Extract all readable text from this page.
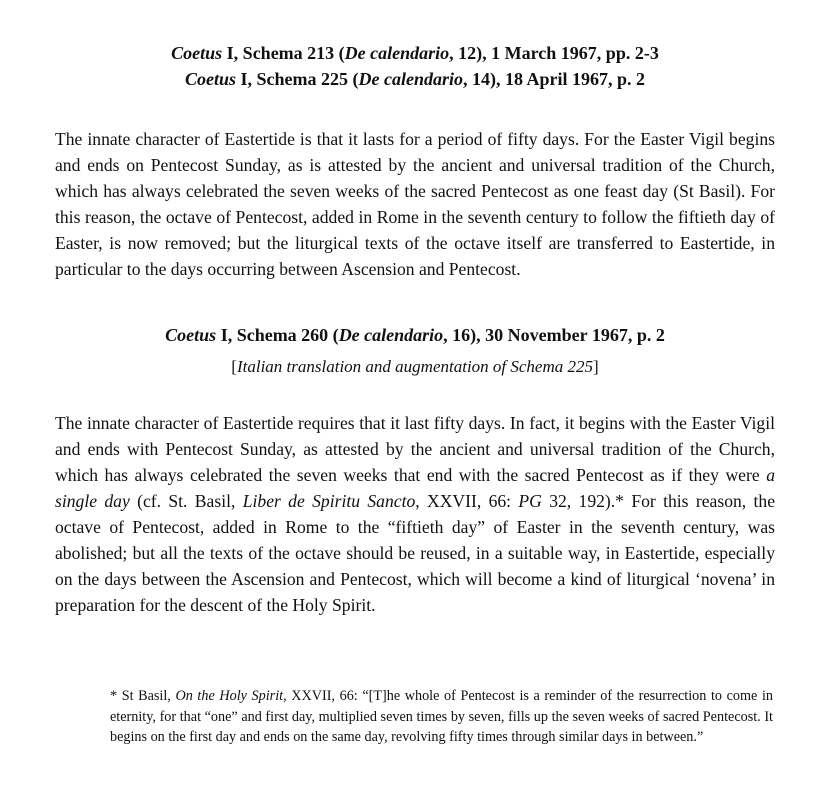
Coetus I, Schema 213 (De calendario, 12), 1 March 1967, pp. 2-3

Coetus I, Schema 225 (De calendario, 14), 18 April 1967, p. 2

The innate character of Eastertide is that it lasts for a period of fifty days. For the Easter Vigil begins and ends on Pentecost Sunday, as is attested by the ancient and universal tradition of the Church, which has always celebrated the seven weeks of the sacred Pentecost as one feast day (St Basil). For this reason, the octave of Pentecost, added in Rome in the seventh century to follow the fiftieth day of Easter, is now removed; but the liturgical texts of the octave itself are transferred to Eastertide, in particular to the days occurring between Ascension and Pentecost.

Coetus I, Schema 260 (De calendario, 16), 30 November 1967, p. 2

[Italian translation and augmentation of Schema 225]

The innate character of Eastertide requires that it last fifty days. In fact, it begins with the Easter Vigil and ends with Pentecost Sunday, as attested by the ancient and universal tradition of the Church, which has always celebrated the seven weeks that end with the sacred Pentecost as if they were a single day (cf. St. Basil, Liber de Spiritu Sancto, XXVII, 66: PG 32, 192).* For this reason, the octave of Pentecost, added in Rome to the “fiftieth day” of Easter in the seventh century, was abolished; but all the texts of the octave should be reused, in a suitable way, in Eastertide, especially on the days between the Ascension and Pentecost, which will become a kind of liturgical ‘novena’ in preparation for the descent of the Holy Spirit.

* St Basil, On the Holy Spirit, XXVII, 66: “[T]he whole of Pentecost is a reminder of the resurrection to come in eternity, for that “one” and first day, multiplied seven times by seven, fills up the seven weeks of sacred Pentecost. It begins on the first day and ends on the same day, revolving fifty times through similar days in between.”
